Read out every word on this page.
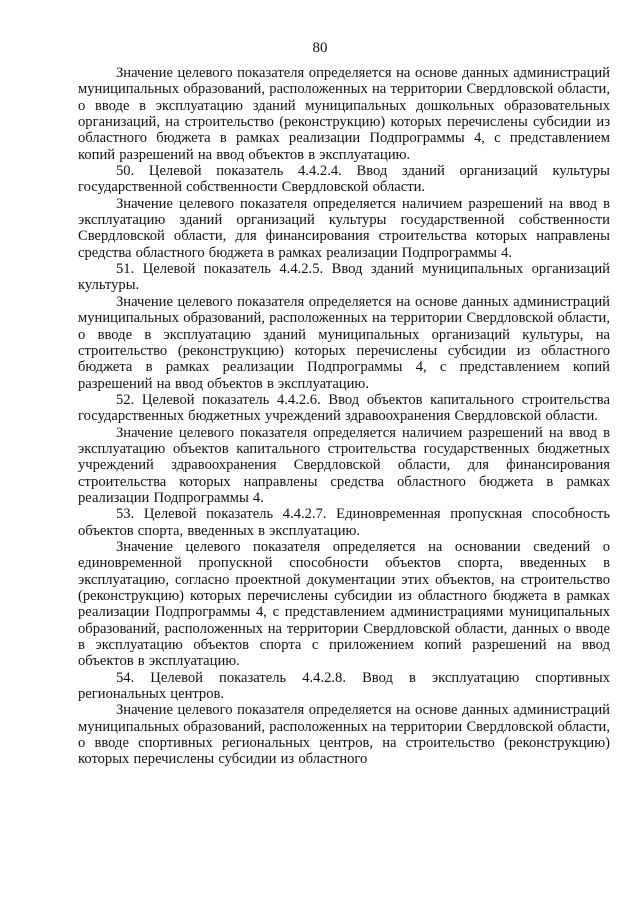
80

Значение целевого показателя определяется на основе данных администраций муниципальных образований, расположенных на территории Свердловской области, о вводе в эксплуатацию зданий муниципальных дошкольных образовательных организаций, на строительство (реконструкцию) которых перечислены субсидии из областного бюджета в рамках реализации Подпрограммы 4, с представлением копий разрешений на ввод объектов в эксплуатацию.

50. Целевой показатель 4.4.2.4. Ввод зданий организаций культуры государственной собственности Свердловской области.

Значение целевого показателя определяется наличием разрешений на ввод в эксплуатацию зданий организаций культуры государственной собственности Свердловской области, для финансирования строительства которых направлены средства областного бюджета в рамках реализации Подпрограммы 4.

51. Целевой показатель 4.4.2.5. Ввод зданий муниципальных организаций культуры.

Значение целевого показателя определяется на основе данных администраций муниципальных образований, расположенных на территории Свердловской области, о вводе в эксплуатацию зданий муниципальных организаций культуры, на строительство (реконструкцию) которых перечислены субсидии из областного бюджета в рамках реализации Подпрограммы 4, с представлением копий разрешений на ввод объектов в эксплуатацию.

52. Целевой показатель 4.4.2.6. Ввод объектов капитального строительства государственных бюджетных учреждений здравоохранения Свердловской области.

Значение целевого показателя определяется наличием разрешений на ввод в эксплуатацию объектов капитального строительства государственных бюджетных учреждений здравоохранения Свердловской области, для финансирования строительства которых направлены средства областного бюджета в рамках реализации Подпрограммы 4.

53. Целевой показатель 4.4.2.7. Единовременная пропускная способность объектов спорта, введенных в эксплуатацию.

Значение целевого показателя определяется на основании сведений о единовременной пропускной способности объектов спорта, введенных в эксплуатацию, согласно проектной документации этих объектов, на строительство (реконструкцию) которых перечислены субсидии из областного бюджета в рамках реализации Подпрограммы 4, с представлением администрациями муниципальных образований, расположенных на территории Свердловской области, данных о вводе в эксплуатацию объектов спорта с приложением копий разрешений на ввод объектов в эксплуатацию.

54. Целевой показатель 4.4.2.8. Ввод в эксплуатацию спортивных региональных центров.

Значение целевого показателя определяется на основе данных администраций муниципальных образований, расположенных на территории Свердловской области, о вводе спортивных региональных центров, на строительство (реконструкцию) которых перечислены субсидии из областного
